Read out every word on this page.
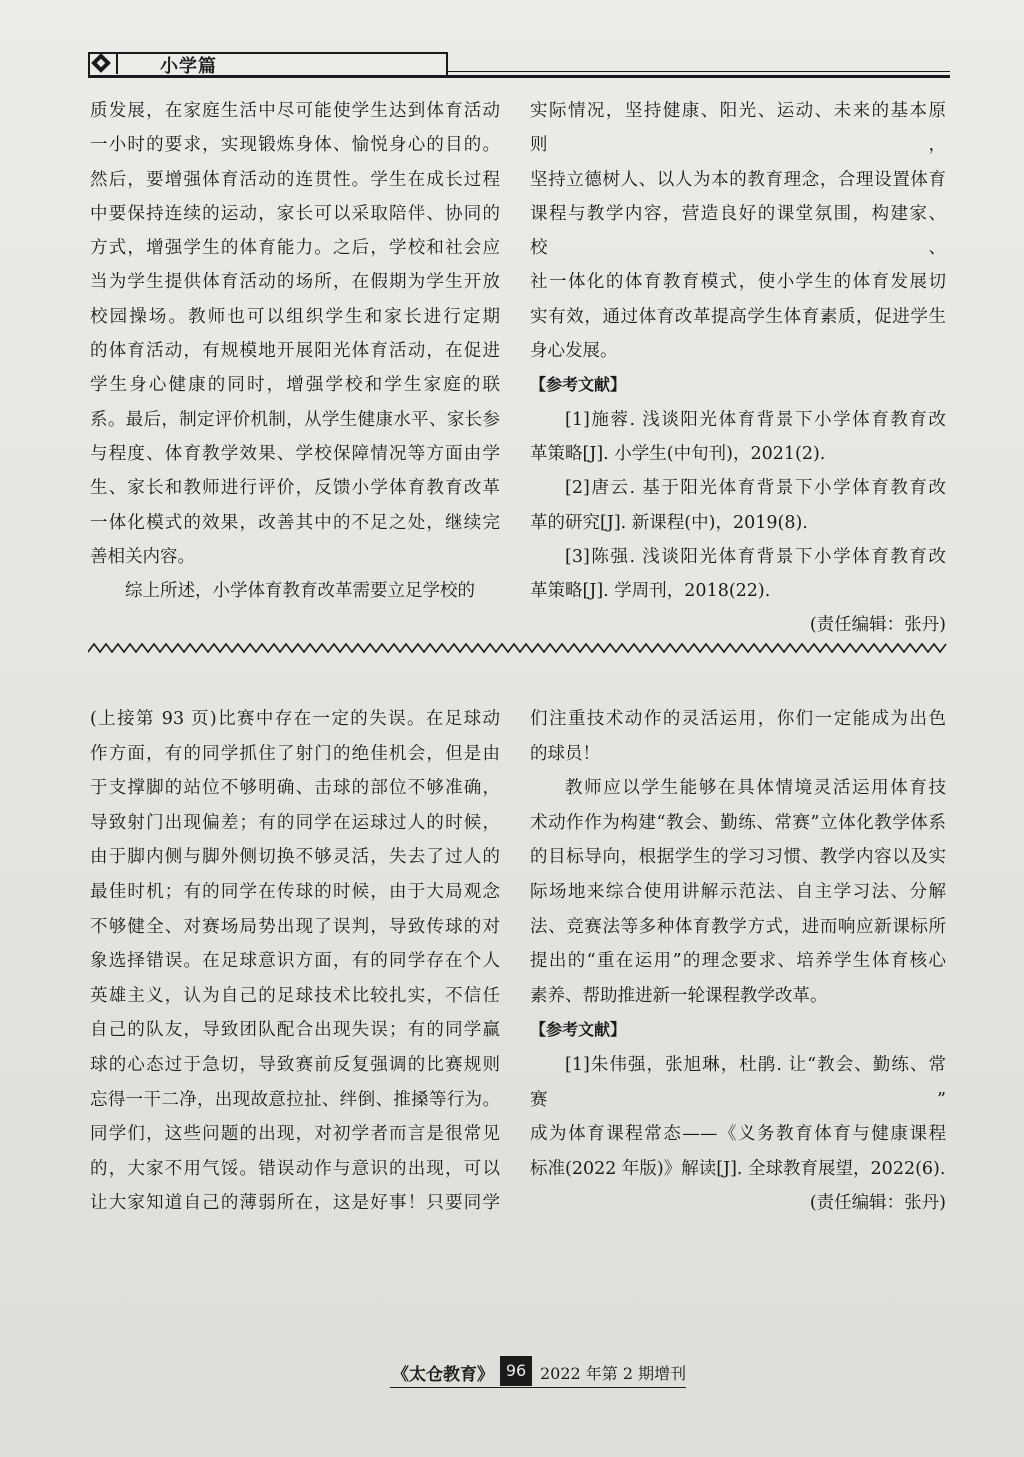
小学篇

质发展，在家庭生活中尽可能使学生达到体育活动

一小时的要求，实现锻炼身体、愉悦身心的目的。

然后，要增强体育活动的连贯性。学生在成长过程

中要保持连续的运动，家长可以采取陪伴、协同的

方式，增强学生的体育能力。之后，学校和社会应

当为学生提供体育活动的场所，在假期为学生开放

校园操场。教师也可以组织学生和家长进行定期

的体育活动，有规模地开展阳光体育活动，在促进

学生身心健康的同时，增强学校和学生家庭的联

系。最后，制定评价机制，从学生健康水平、家长参

与程度、体育教学效果、学校保障情况等方面由学

生、家长和教师进行评价，反馈小学体育教育改革

一体化模式的效果，改善其中的不足之处，继续完

善相关内容。

综上所述，小学体育教育改革需要立足学校的

实际情况，坚持健康、阳光、运动、未来的基本原则，

坚持立德树人、以人为本的教育理念，合理设置体育

课程与教学内容，营造良好的课堂氛围，构建家、校、

社一体化的体育教育模式，使小学生的体育发展切

实有效，通过体育改革提高学生体育素质，促进学生

身心发展。

【参考文献】

[1]施蓉. 浅谈阳光体育背景下小学体育教育改

革策略[J]. 小学生(中旬刊)，2021(2).

[2]唐云. 基于阳光体育背景下小学体育教育改

革的研究[J]. 新课程(中)，2019(8).

[3]陈强. 浅谈阳光体育背景下小学体育教育改

革策略[J]. 学周刊，2018(22).

(责任编辑：张丹)

(上接第 93 页)比赛中存在一定的失误。在足球动

作方面，有的同学抓住了射门的绝佳机会，但是由

于支撑脚的站位不够明确、击球的部位不够准确，

导致射门出现偏差；有的同学在运球过人的时候，

由于脚内侧与脚外侧切换不够灵活，失去了过人的

最佳时机；有的同学在传球的时候，由于大局观念

不够健全、对赛场局势出现了误判，导致传球的对

象选择错误。在足球意识方面，有的同学存在个人

英雄主义，认为自己的足球技术比较扎实，不信任

自己的队友，导致团队配合出现失误；有的同学赢

球的心态过于急切，导致赛前反复强调的比赛规则

忘得一干二净，出现故意拉扯、绊倒、推搡等行为。

同学们，这些问题的出现，对初学者而言是很常见

的，大家不用气馁。错误动作与意识的出现，可以

让大家知道自己的薄弱所在，这是好事！只要同学

们注重技术动作的灵活运用，你们一定能成为出色

的球员！

教师应以学生能够在具体情境灵活运用体育技

术动作作为构建“教会、勤练、常赛”立体化教学体系

的目标导向，根据学生的学习习惯、教学内容以及实

际场地来综合使用讲解示范法、自主学习法、分解

法、竞赛法等多种体育教学方式，进而响应新课标所

提出的“重在运用”的理念要求、培养学生体育核心

素养、帮助推进新一轮课程教学改革。

【参考文献】

[1]朱伟强，张旭琳，杜鹃. 让“教会、勤练、常赛”

成为体育课程常态——《义务教育体育与健康课程

标准(2022 年版)》解读[J]. 全球教育展望，2022(6).

(责任编辑：张丹)

《太仓教育》 96 2022 年第 2 期增刊
